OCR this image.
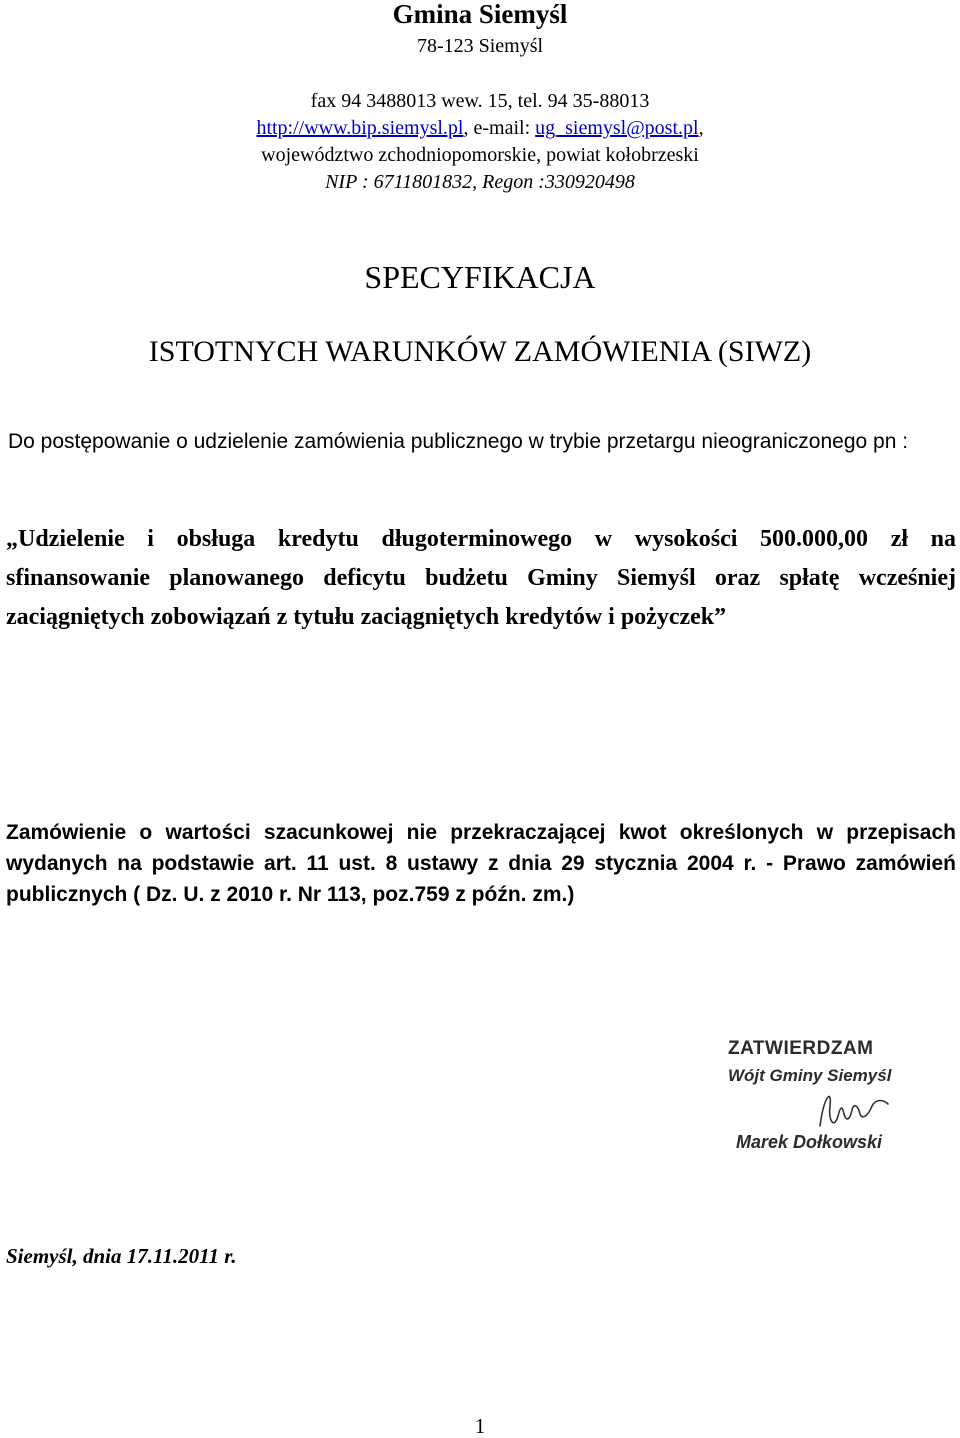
Gmina Siemyśl
78-123 Siemyśl
fax 94 3488013 wew. 15, tel. 94 35-88013
http://www.bip.siemysl.pl, e-mail: ug_siemysl@post.pl,
województwo zchodniopomorskie, powiat kołobrzeski
NIP : 6711801832, Regon :330920498
SPECYFIKACJA
ISTOTNYCH WARUNKÓW ZAMÓWIENIA (SIWZ)
Do postępowanie o udzielenie zamówienia publicznego w trybie przetargu nieograniczonego pn :
„Udzielenie i obsługa kredytu długoterminowego w wysokości 500.000,00 zł na sfinansowanie planowanego deficytu budżetu Gminy Siemyśl oraz spłatę wcześniej zaciągniętych zobowiązań z tytułu zaciągniętych kredytów i pożyczek”
Zamówienie o wartości szacunkowej nie przekraczającej kwot określonych w przepisach wydanych na podstawie art. 11 ust. 8 ustawy z dnia 29 stycznia 2004 r. - Prawo zamówień publicznych ( Dz. U. z 2010 r. Nr 113, poz.759 z późn. zm.)
ZATWIERDZAM
Wójt Gminy Siemyśl
Marek Dołkowski
Siemyśl, dnia 17.11.2011 r.
1
